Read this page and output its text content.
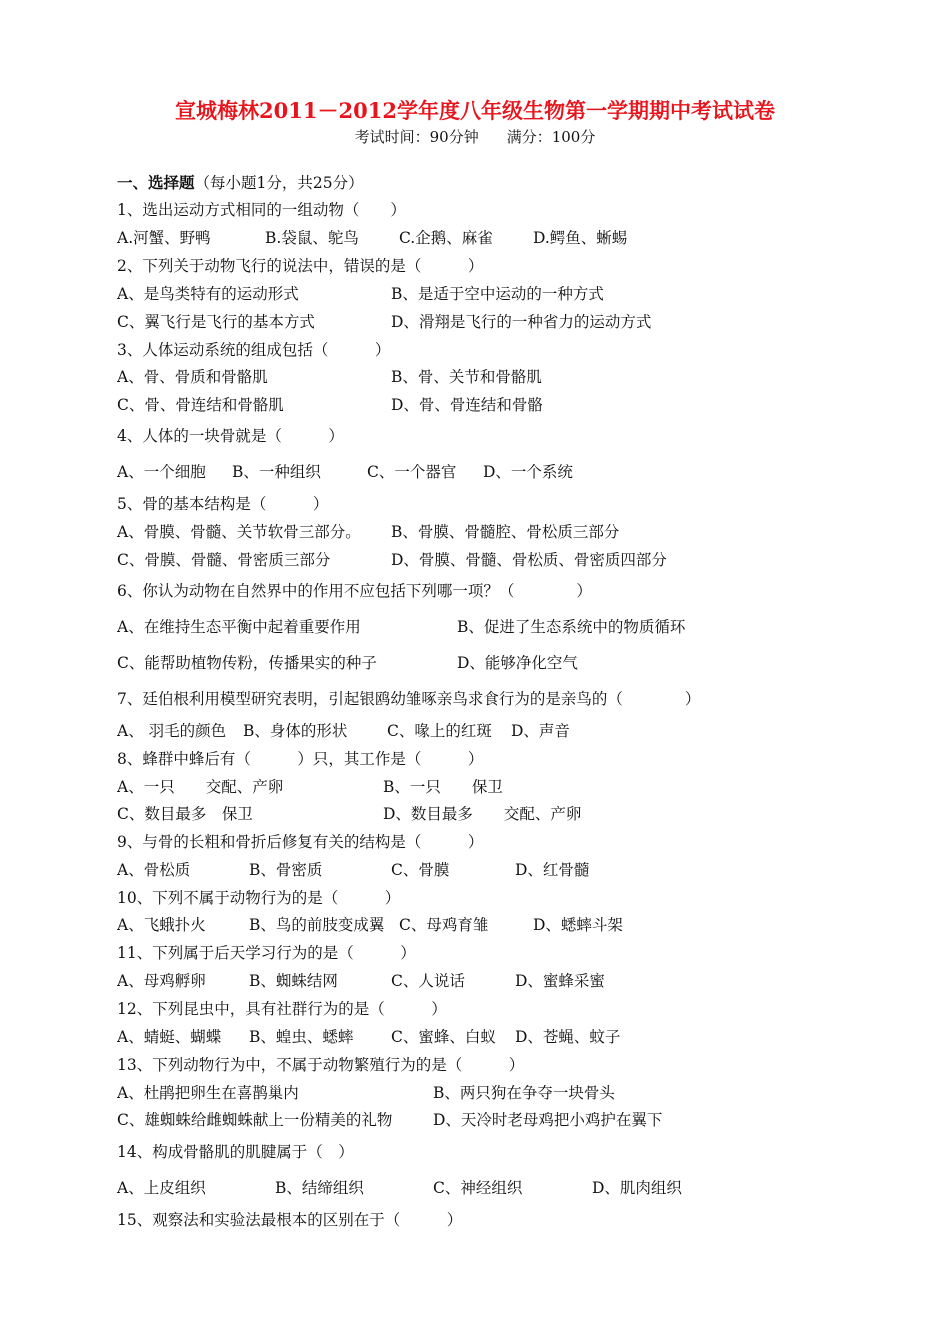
宣城梅林2011－2012学年度八年级生物第一学期期中考试试卷
考试时间：90分钟 满分：100分
一、选择题（每小题1分，共25分）
1、选出运动方式相同的一组动物（　　）
A.河蟹、野鸭	B.袋鼠、鸵鸟	C.企鹅、麻雀	D.鳄鱼、蜥蜴
2、下列关于动物飞行的说法中，错误的是（　　　）
A、是鸟类特有的运动形式	B、是适于空中运动的一种方式
C、翼飞行是飞行的基本方式	D、滑翔是飞行的一种省力的运动方式
3、人体运动系统的组成包括（　　　）
A、骨、骨质和骨骼肌	B、骨、关节和骨骼肌
C、骨、骨连结和骨骼肌	D、骨、骨连结和骨骼
4、人体的一块骨就是（　　　）
A、一个细胞 B、一种组织	C、一个器官 D、一个系统
5、骨的基本结构是（　　　）
A、骨膜、骨髓、关节软骨三部分。 B、骨膜、骨髓腔、骨松质三部分
C、骨膜、骨髓、骨密质三部分	D、骨膜、骨髓、骨松质、骨密质四部分
6、你认为动物在自然界中的作用不应包括下列哪一项？（　　　　）
A、在维持生态平衡中起着重要作用	B、促进了生态系统中的物质循环
C、能帮助植物传粉，传播果实的种子	D、能够净化空气
7、廷伯根利用模型研究表明，引起银鸥幼雏啄亲鸟求食行为的是亲鸟的（　　　　）
A、 羽毛的颜色 B、身体的形状	C、喙上的红斑 D、声音
8、蜂群中蜂后有（　　　）只，其工作是（　　　）
A、一只　　交配、产卵	B、一只　　保卫
C、数目最多　保卫	D、数目最多　　交配、产卵
9、与骨的长粗和骨折后修复有关的结构是（　　　）
A、骨松质	B、骨密质	C、骨膜	D、红骨髓
10、下列不属于动物行为的是（　　　）
A、飞蛾扑火	B、鸟的前肢变成翼 C、母鸡育雏	D、蟋蟀斗架
11、下列属于后天学习行为的是（　　　）
A、母鸡孵卵	B、蜘蛛结网	C、人说话	D、蜜蜂采蜜
12、下列昆虫中，具有社群行为的是（　　　）
A、蜻蜓、蝴蝶 B、蝗虫、蟋蟀 C、蜜蜂、白蚁 D、苍蝇、蚊子
13、下列动物行为中，不属于动物繁殖行为的是（　　　）
A、杜鹃把卵生在喜鹊巢内	B、两只狗在争夺一块骨头
C、雄蜘蛛给雌蜘蛛献上一份精美的礼物	D、天冷时老母鸡把小鸡护在翼下
14、构成骨骼肌的肌腱属于（　）
A、上皮组织	B、结缔组织	C、神经组织	D、肌肉组织
15、观察法和实验法最根本的区别在于（　　　）
